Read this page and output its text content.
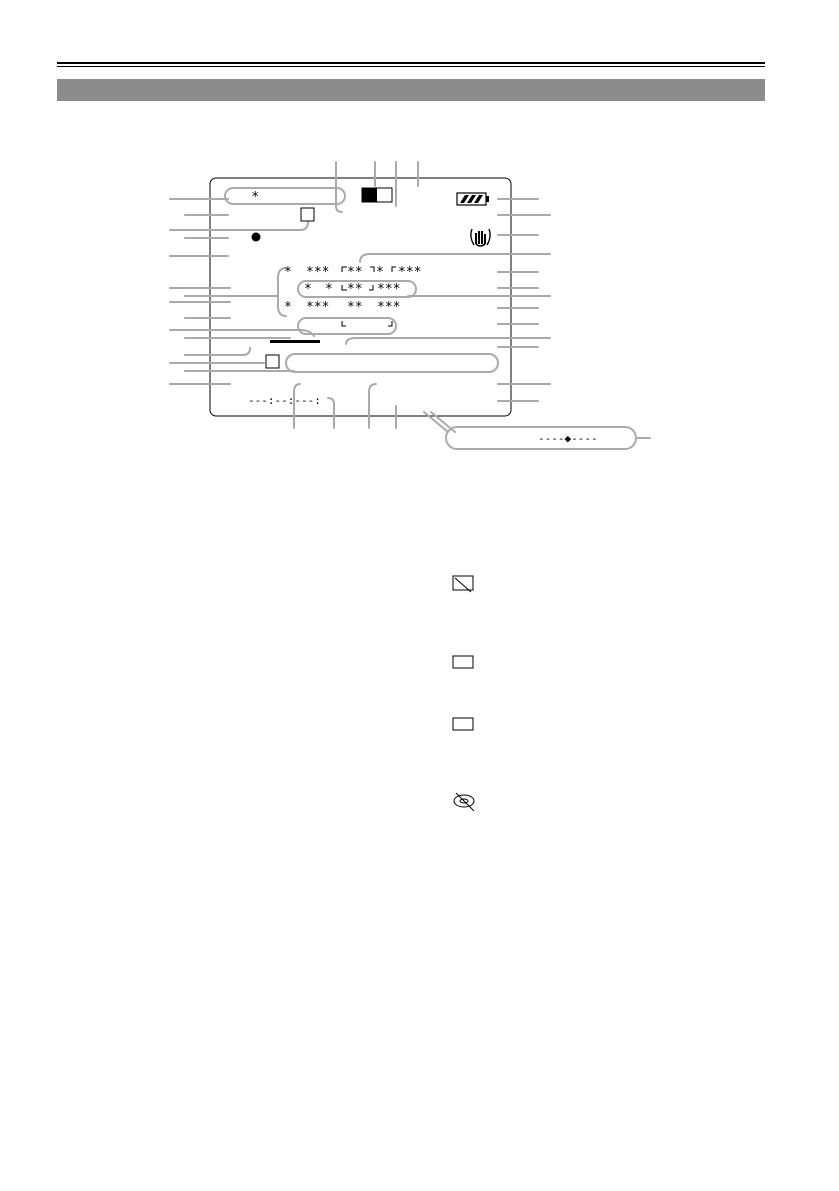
*
* *** ** * ***
* * ** ***
* *** ** ***
---:--:---:
----◆----
